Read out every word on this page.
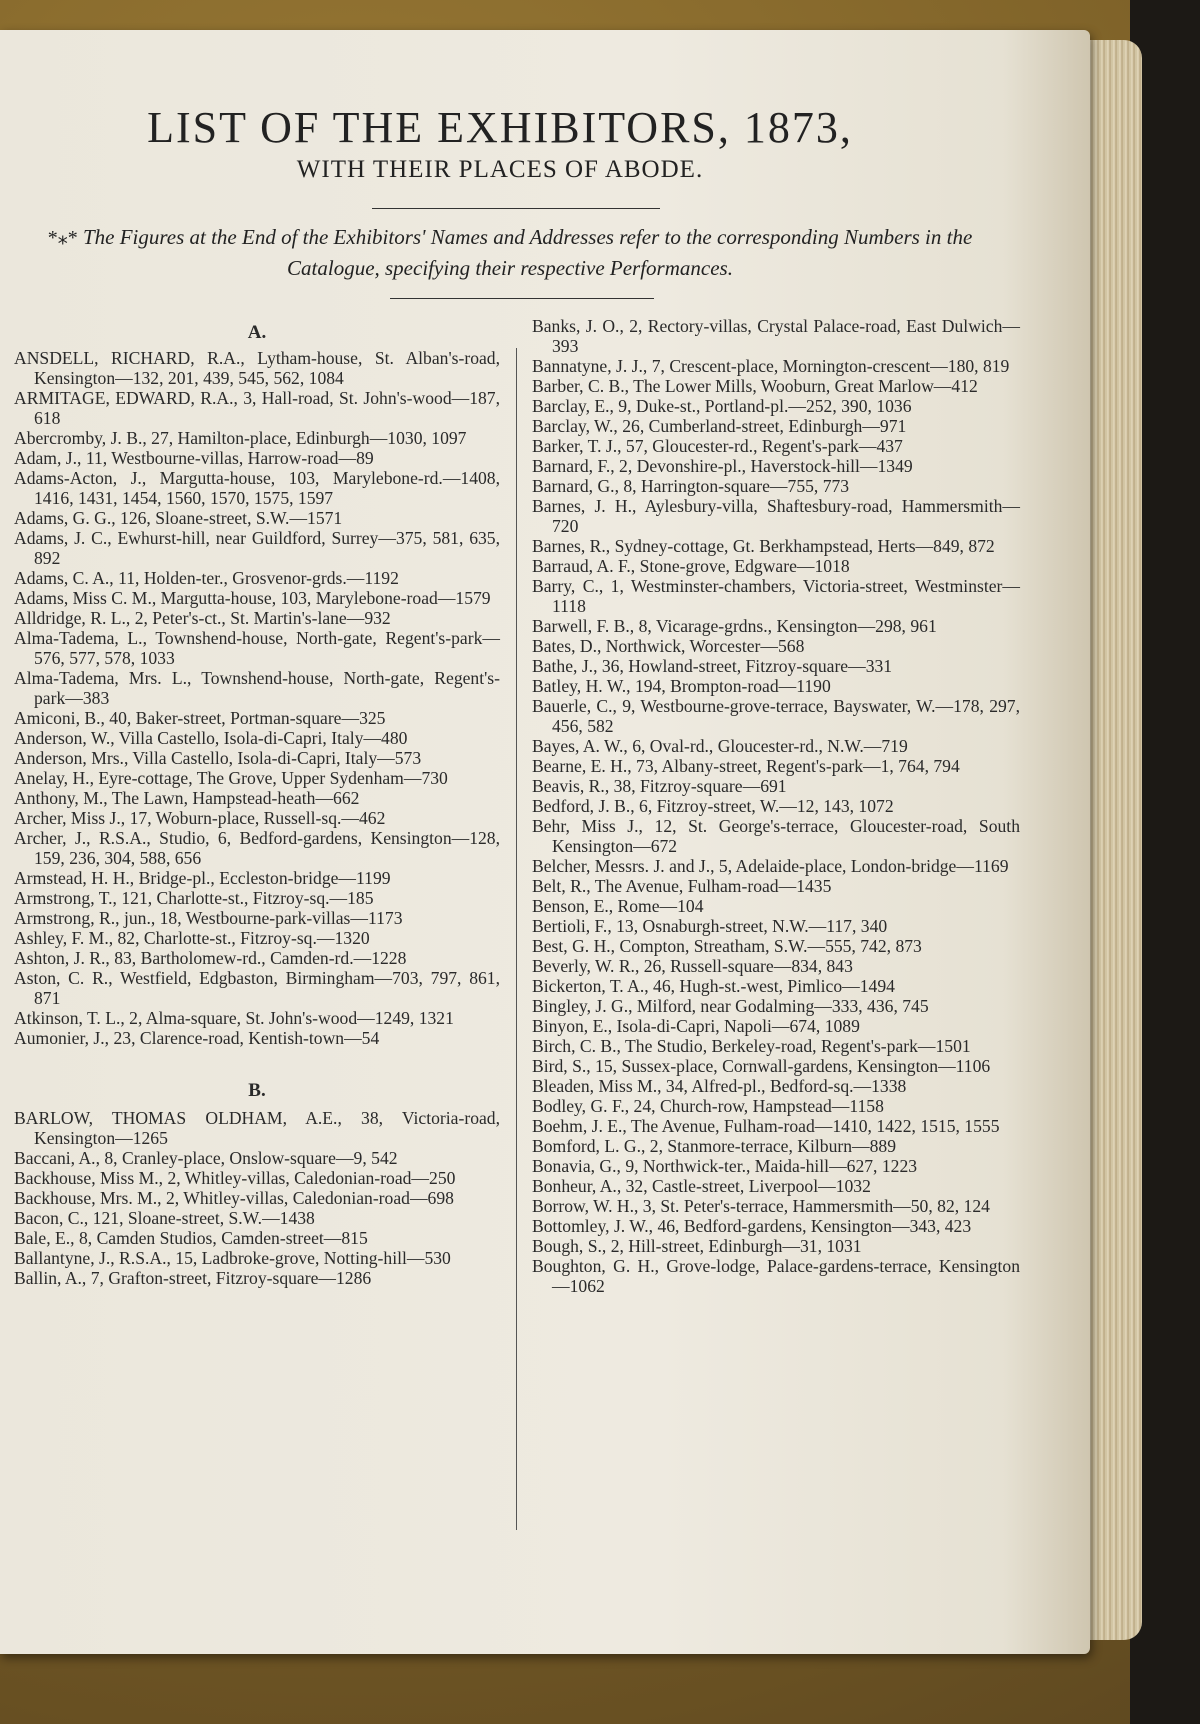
LIST OF THE EXHIBITORS, 1873,
WITH THEIR PLACES OF ABODE.
*⁎* The Figures at the End of the Exhibitors' Names and Addresses refer to the corresponding Numbers in the Catalogue, specifying their respective Performances.
A.

ANSDELL, RICHARD, R.A., Lytham-house, St. Alban's-road, Kensington—132, 201, 439, 545, 562, 1084

ARMITAGE, EDWARD, R.A., 3, Hall-road, St. John's-wood—187, 618

Abercromby, J. B., 27, Hamilton-place, Edinburgh—1030, 1097

Adam, J., 11, Westbourne-villas, Harrow-road—89

Adams-Acton, J., Margutta-house, 103, Marylebone-rd.—1408, 1416, 1431, 1454, 1560, 1570, 1575, 1597

Adams, G. G., 126, Sloane-street, S.W.—1571

Adams, J. C., Ewhurst-hill, near Guildford, Surrey—375, 581, 635, 892

Adams, C. A., 11, Holden-ter., Grosvenor-grds.—1192

Adams, Miss C. M., Margutta-house, 103, Marylebone-road—1579

Alldridge, R. L., 2, Peter's-ct., St. Martin's-lane—932

Alma-Tadema, L., Townshend-house, North-gate, Regent's-park—576, 577, 578, 1033

Alma-Tadema, Mrs. L., Townshend-house, North-gate, Regent's-park—383

Amiconi, B., 40, Baker-street, Portman-square—325

Anderson, W., Villa Castello, Isola-di-Capri, Italy—480

Anderson, Mrs., Villa Castello, Isola-di-Capri, Italy—573

Anelay, H., Eyre-cottage, The Grove, Upper Sydenham—730

Anthony, M., The Lawn, Hampstead-heath—662

Archer, Miss J., 17, Woburn-place, Russell-sq.—462

Archer, J., R.S.A., Studio, 6, Bedford-gardens, Kensington—128, 159, 236, 304, 588, 656

Armstead, H. H., Bridge-pl., Eccleston-bridge—1199

Armstrong, T., 121, Charlotte-st., Fitzroy-sq.—185

Armstrong, R., jun., 18, Westbourne-park-villas—1173

Ashley, F. M., 82, Charlotte-st., Fitzroy-sq.—1320

Ashton, J. R., 83, Bartholomew-rd., Camden-rd.—1228

Aston, C. R., Westfield, Edgbaston, Birmingham—703, 797, 861, 871

Atkinson, T. L., 2, Alma-square, St. John's-wood—1249, 1321

Aumonier, J., 23, Clarence-road, Kentish-town—54

B.

BARLOW, THOMAS OLDHAM, A.E., 38, Victoria-road, Kensington—1265

Baccani, A., 8, Cranley-place, Onslow-square—9, 542

Backhouse, Miss M., 2, Whitley-villas, Caledonian-road—250

Backhouse, Mrs. M., 2, Whitley-villas, Caledonian-road—698

Bacon, C., 121, Sloane-street, S.W.—1438

Bale, E., 8, Camden Studios, Camden-street—815

Ballantyne, J., R.S.A., 15, Ladbroke-grove, Notting-hill—530

Ballin, A., 7, Grafton-street, Fitzroy-square—1286

Banks, J. O., 2, Rectory-villas, Crystal Palace-road, East Dulwich—393

Bannatyne, J. J., 7, Crescent-place, Mornington-crescent—180, 819

Barber, C. B., The Lower Mills, Wooburn, Great Marlow—412

Barclay, E., 9, Duke-st., Portland-pl.—252, 390, 1036

Barclay, W., 26, Cumberland-street, Edinburgh—971

Barker, T. J., 57, Gloucester-rd., Regent's-park—437

Barnard, F., 2, Devonshire-pl., Haverstock-hill—1349

Barnard, G., 8, Harrington-square—755, 773

Barnes, J. H., Aylesbury-villa, Shaftesbury-road, Hammersmith—720

Barnes, R., Sydney-cottage, Gt. Berkhampstead, Herts—849, 872

Barraud, A. F., Stone-grove, Edgware—1018

Barry, C., 1, Westminster-chambers, Victoria-street, Westminster—1118

Barwell, F. B., 8, Vicarage-grdns., Kensington—298, 961

Bates, D., Northwick, Worcester—568

Bathe, J., 36, Howland-street, Fitzroy-square—331

Batley, H. W., 194, Brompton-road—1190

Bauerle, C., 9, Westbourne-grove-terrace, Bayswater, W.—178, 297, 456, 582

Bayes, A. W., 6, Oval-rd., Gloucester-rd., N.W.—719

Bearne, E. H., 73, Albany-street, Regent's-park—1, 764, 794

Beavis, R., 38, Fitzroy-square—691

Bedford, J. B., 6, Fitzroy-street, W.—12, 143, 1072

Behr, Miss J., 12, St. George's-terrace, Gloucester-road, South Kensington—672

Belcher, Messrs. J. and J., 5, Adelaide-place, London-bridge—1169

Belt, R., The Avenue, Fulham-road—1435

Benson, E., Rome—104

Bertioli, F., 13, Osnaburgh-street, N.W.—117, 340

Best, G. H., Compton, Streatham, S.W.—555, 742, 873

Beverly, W. R., 26, Russell-square—834, 843

Bickerton, T. A., 46, Hugh-st.-west, Pimlico—1494

Bingley, J. G., Milford, near Godalming—333, 436, 745

Binyon, E., Isola-di-Capri, Napoli—674, 1089

Birch, C. B., The Studio, Berkeley-road, Regent's-park—1501

Bird, S., 15, Sussex-place, Cornwall-gardens, Kensington—1106

Bleaden, Miss M., 34, Alfred-pl., Bedford-sq.—1338

Bodley, G. F., 24, Church-row, Hampstead—1158

Boehm, J. E., The Avenue, Fulham-road—1410, 1422, 1515, 1555

Bomford, L. G., 2, Stanmore-terrace, Kilburn—889

Bonavia, G., 9, Northwick-ter., Maida-hill—627, 1223

Bonheur, A., 32, Castle-street, Liverpool—1032

Borrow, W. H., 3, St. Peter's-terrace, Hammersmith—50, 82, 124

Bottomley, J. W., 46, Bedford-gardens, Kensington—343, 423

Bough, S., 2, Hill-street, Edinburgh—31, 1031

Boughton, G. H., Grove-lodge, Palace-gardens-terrace, Kensington—1062
